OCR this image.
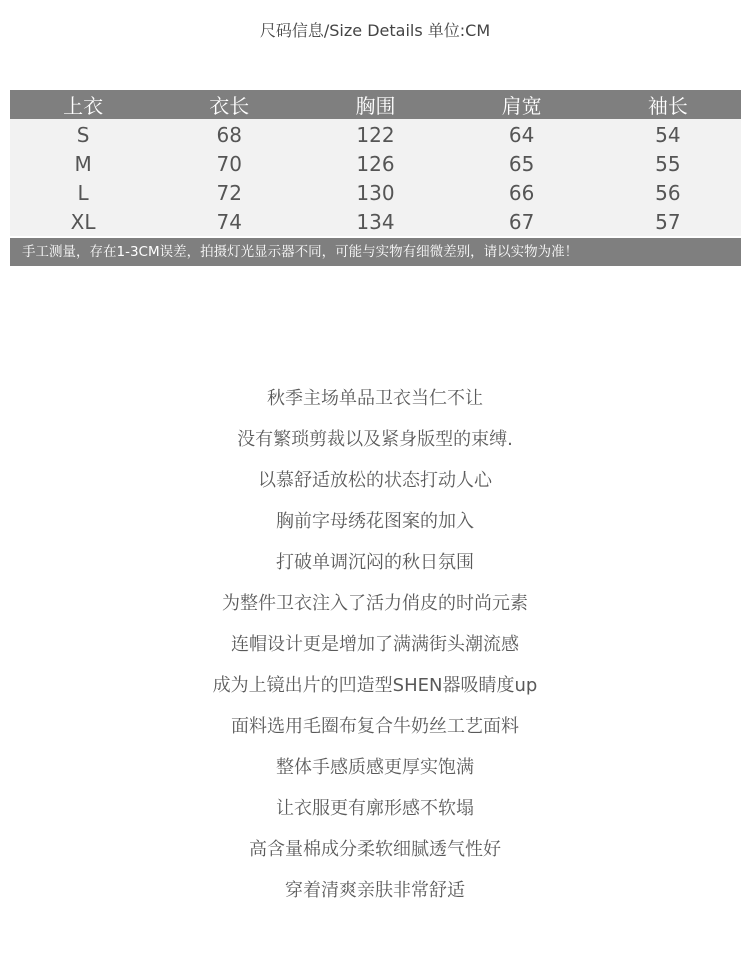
尺码信息/Size Details 单位:CM
上衣	衣长	胸围	肩宽	袖长
S	68	122	64	54
M	70	126	65	55
L	72	130	66	56
XL	74	134	67	57
手工测量，存在1-3CM误差，拍摄灯光显示器不同，可能与实物有细微差别，请以实物为准！
秋季主场单品卫衣当仁不让
没有繁琐剪裁以及紧身版型的束缚.
以慕舒适放松的状态打动人心
胸前字母绣花图案的加入
打破单调沉闷的秋日氛围
为整件卫衣注入了活力俏皮的时尚元素
连帽设计更是增加了满满街头潮流感
成为上镜出片的凹造型SHEN器吸睛度up
面料选用毛圈布复合牛奶丝工艺面料
整体手感质感更厚实饱满
让衣服更有廓形感不软塌
高含量棉成分柔软细腻透气性好
穿着清爽亲肤非常舒适
